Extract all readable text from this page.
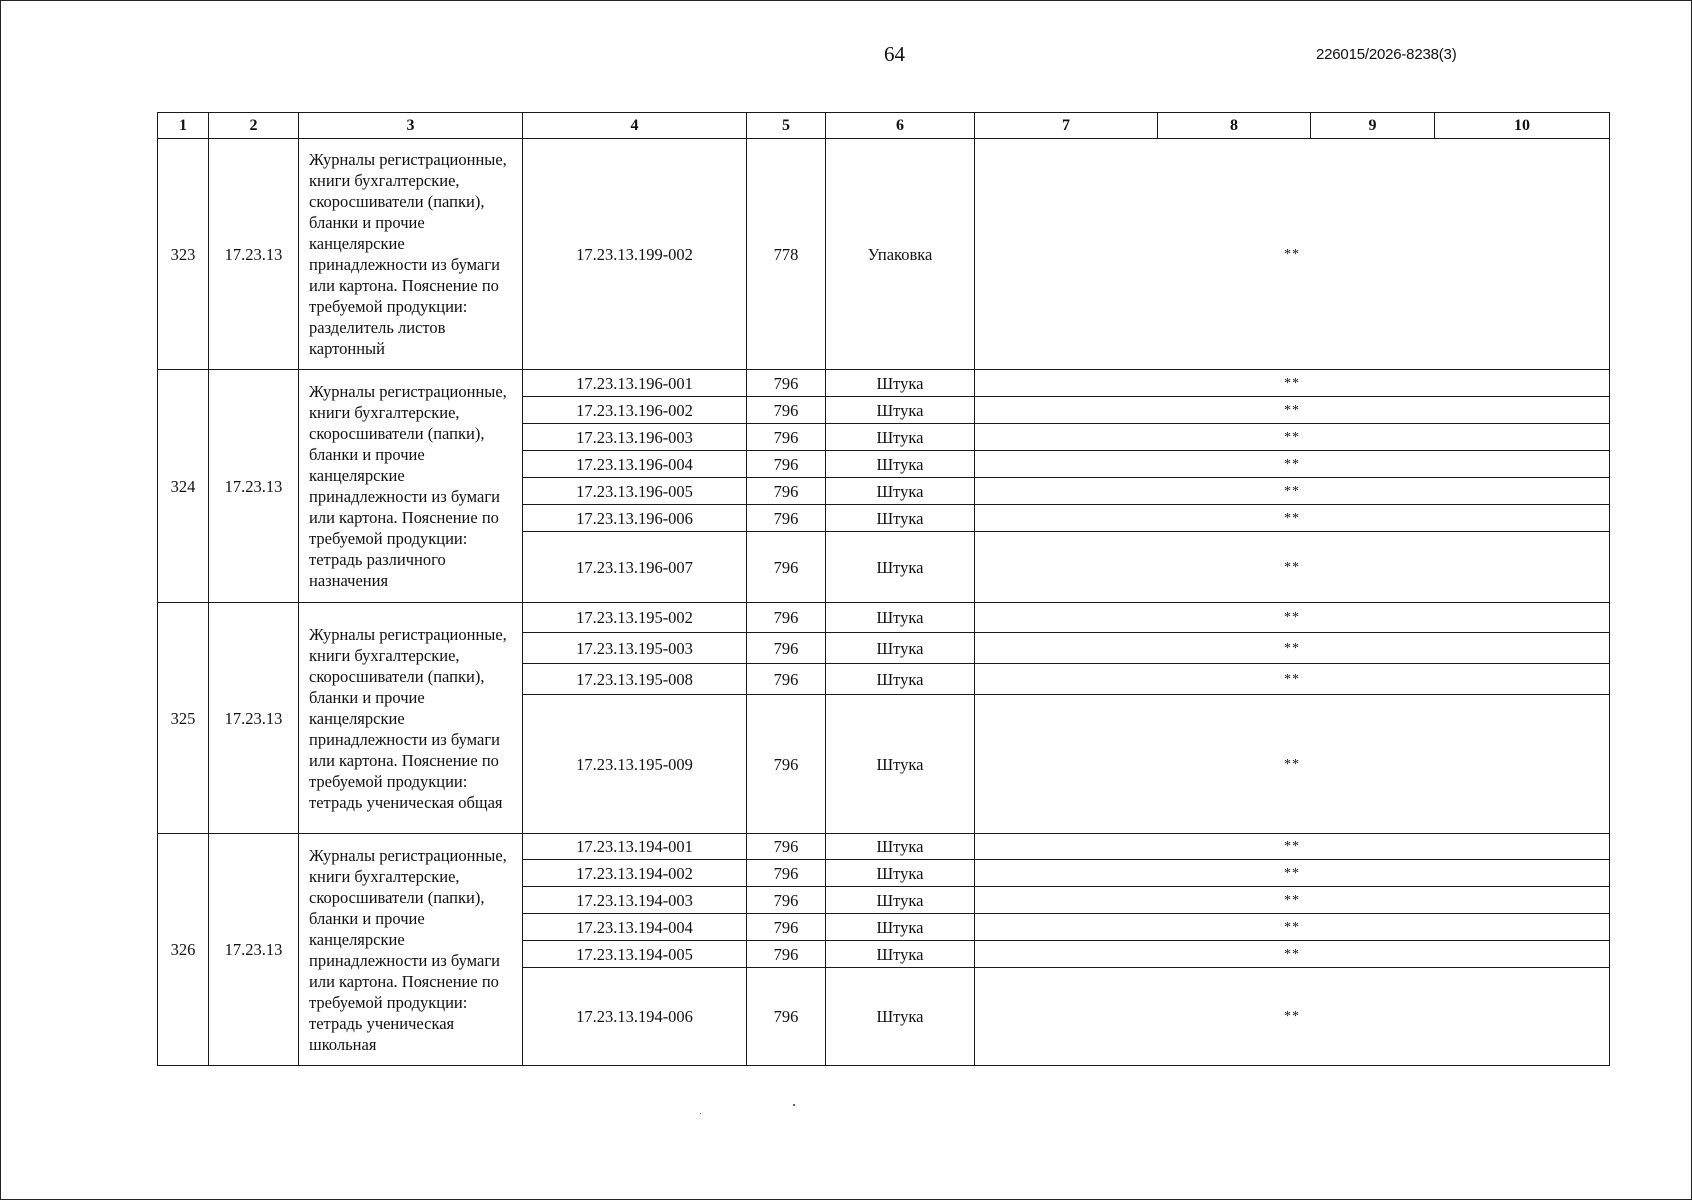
64	226015/2026-8238(3)
1	2	3	4	5	6	7	8	9	10
323	17.23.13	Журналы регистрационные, книги бухгалтерские, скоросшиватели (папки), бланки и прочие канцелярские принадлежности из бумаги или картона. Пояснение по требуемой продукции: разделитель листов картонный	17.23.13.199-002	778	Упаковка	**			
324	17.23.13	Журналы регистрационные, книги бухгалтерские, скоросшиватели (папки), бланки и прочие канцелярские принадлежности из бумаги или картона. Пояснение по требуемой продукции: тетрадь различного назначения	17.23.13.196-001	796	Штука	**			
			17.23.13.196-002	796	Штука	**			
			17.23.13.196-003	796	Штука	**			
			17.23.13.196-004	796	Штука	**			
			17.23.13.196-005	796	Штука	**			
			17.23.13.196-006	796	Штука	**			
			17.23.13.196-007	796	Штука	**			
325	17.23.13	Журналы регистрационные, книги бухгалтерские, скоросшиватели (папки), бланки и прочие канцелярские принадлежности из бумаги или картона. Пояснение по требуемой продукции: тетрадь ученическая общая	17.23.13.195-002	796	Штука	**			
			17.23.13.195-003	796	Штука	**			
			17.23.13.195-008	796	Штука	**			
			17.23.13.195-009	796	Штука	**			
326	17.23.13	Журналы регистрационные, книги бухгалтерские, скоросшиватели (папки), бланки и прочие канцелярские принадлежности из бумаги или картона. Пояснение по требуемой продукции: тетрадь ученическая школьная	17.23.13.194-001	796	Штука	**			
			17.23.13.194-002	796	Штука	**			
			17.23.13.194-003	796	Штука	**			
			17.23.13.194-004	796	Штука	**			
			17.23.13.194-005	796	Штука	**			
			17.23.13.194-006	796	Штука	**			
